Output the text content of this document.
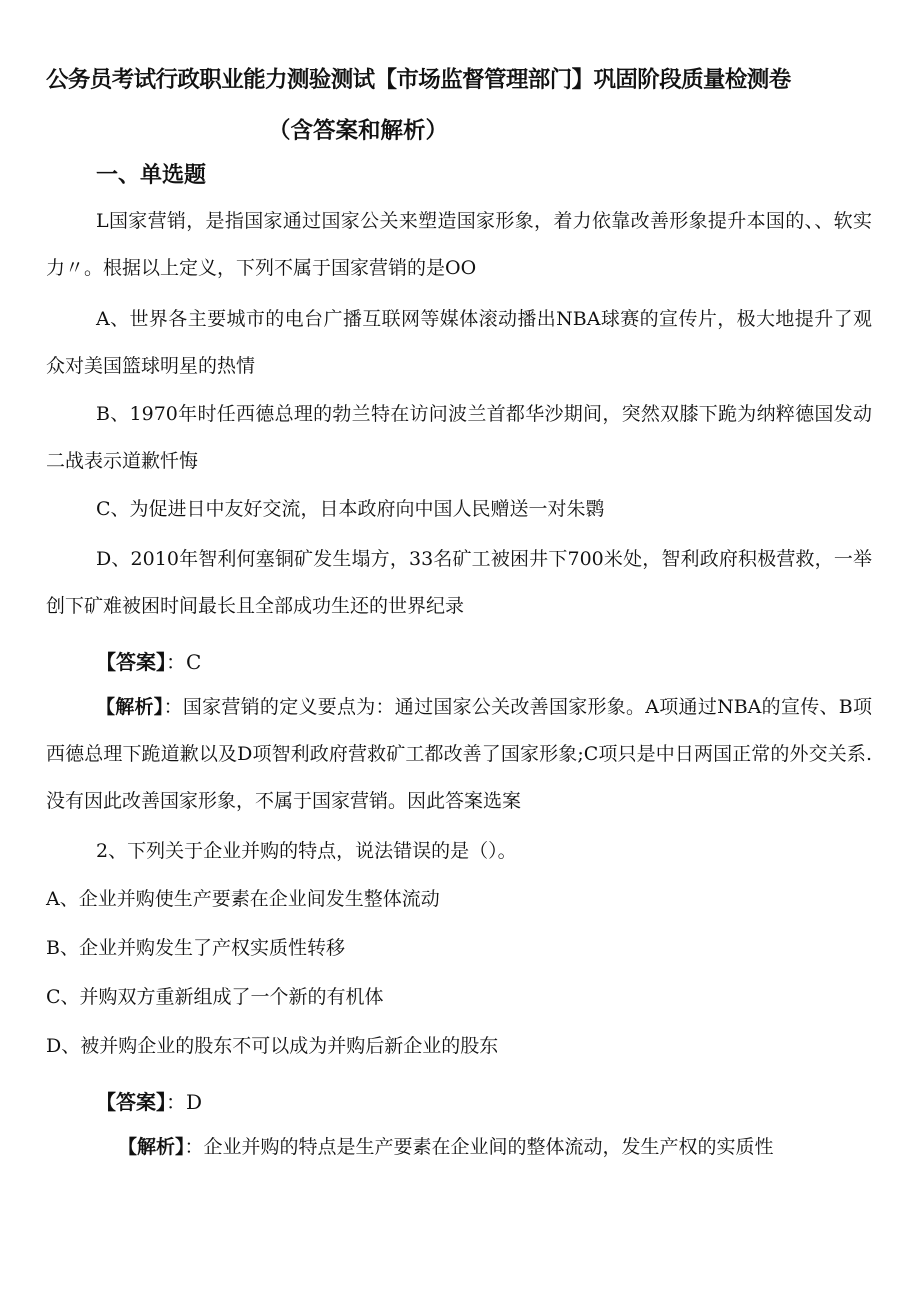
公务员考试行政职业能力测验测试【市场监督管理部门】巩固阶段质量检测卷
（含答案和解析）
一、单选题
L国家营销，是指国家通过国家公关来塑造国家形象，着力依靠改善形象提升本国的、、软实力〃。根据以上定义，下列不属于国家营销的是OO
A、世界各主要城市的电台广播互联网等媒体滚动播出NBA球赛的宣传片，极大地提升了观众对美国篮球明星的热情
B、1970年时任西德总理的勃兰特在访问波兰首都华沙期间，突然双膝下跪为纳粹德国发动二战表示道歉忏悔
C、为促进日中友好交流，日本政府向中国人民赠送一对朱鹮
D、2010年智利何塞铜矿发生塌方，33名矿工被困井下700米处，智利政府积极营救，一举创下矿难被困时间最长且全部成功生还的世界纪录
【答案】：C
【解析】：国家营销的定义要点为：通过国家公关改善国家形象。A项通过NBA的宣传、B项西德总理下跪道歉以及D项智利政府营救矿工都改善了国家形象;C项只是中日两国正常的外交关系.没有因此改善国家形象，不属于国家营销。因此答案选案
2、下列关于企业并购的特点，说法错误的是（）。
A、企业并购使生产要素在企业间发生整体流动
B、企业并购发生了产权实质性转移
C、并购双方重新组成了一个新的有机体
D、被并购企业的股东不可以成为并购后新企业的股东
【答案】：D
【解析】：企业并购的特点是生产要素在企业间的整体流动，发生产权的实质性
